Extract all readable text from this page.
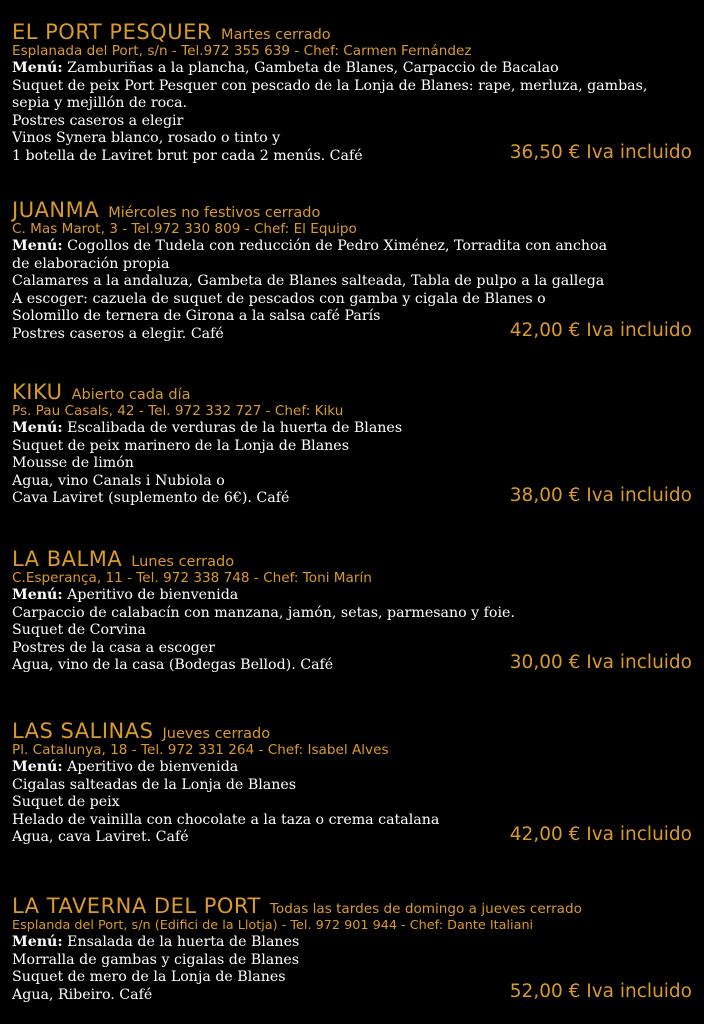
EL PORT PESQUER Martes cerrado
Esplanada del Port, s/n - Tel.972 355 639 - Chef: Carmen Fernández
Menú: Zamburiñas a la plancha, Gambeta de Blanes, Carpaccio de Bacalao
Suquet de peix Port Pesquer con pescado de la Lonja de Blanes: rape, merluza, gambas,
sepia y mejillón de roca.
Postres caseros a elegir
Vinos Synera blanco, rosado o tinto y
1 botella de Laviret brut por cada 2 menús. Café	36,50 € Iva incluido
JUANMA Miércoles no festivos cerrado
C. Mas Marot, 3 - Tel.972 330 809 - Chef: El Equipo
Menú: Cogollos de Tudela con reducción de Pedro Ximénez, Torradita con anchoa
de elaboración propia
Calamares a la andaluza, Gambeta de Blanes salteada, Tabla de pulpo a la gallega
A escoger: cazuela de suquet de pescados con gamba y cigala de Blanes o
Solomillo de ternera de Girona a la salsa café París
Postres caseros a elegir. Café	42,00 € Iva incluido
KIKU Abierto cada día
Ps. Pau Casals, 42 - Tel. 972 332 727 - Chef: Kiku
Menú: Escalibada de verduras de la huerta de Blanes
Suquet de peix marinero de la Lonja de Blanes
Mousse de limón
Agua, vino Canals i Nubiola o
Cava Laviret (suplemento de 6€). Café	38,00 € Iva incluido
LA BALMA Lunes cerrado
C.Esperança, 11 - Tel. 972 338 748 - Chef: Toni Marín
Menú: Aperitivo de bienvenida
Carpaccio de calabacín con manzana, jamón, setas, parmesano y foie.
Suquet de Corvina
Postres de la casa a escoger
Agua, vino de la casa (Bodegas Bellod). Café	30,00 € Iva incluido
LAS SALINAS Jueves cerrado
Pl. Catalunya, 18 - Tel. 972 331 264 - Chef: Isabel Alves
Menú: Aperitivo de bienvenida
Cigalas salteadas de la Lonja de Blanes
Suquet de peix
Helado de vainilla con chocolate a la taza o crema catalana
Agua, cava Laviret. Café	42,00 € Iva incluido
LA TAVERNA DEL PORT Todas las tardes de domingo a jueves cerrado
Esplanda del Port, s/n (Edifici de la Llotja) - Tel. 972 901 944 - Chef: Dante Italiani
Menú: Ensalada de la huerta de Blanes
Morralla de gambas y cigalas de Blanes
Suquet de mero de la Lonja de Blanes
Agua, Ribeiro. Café	52,00 € Iva incluido
